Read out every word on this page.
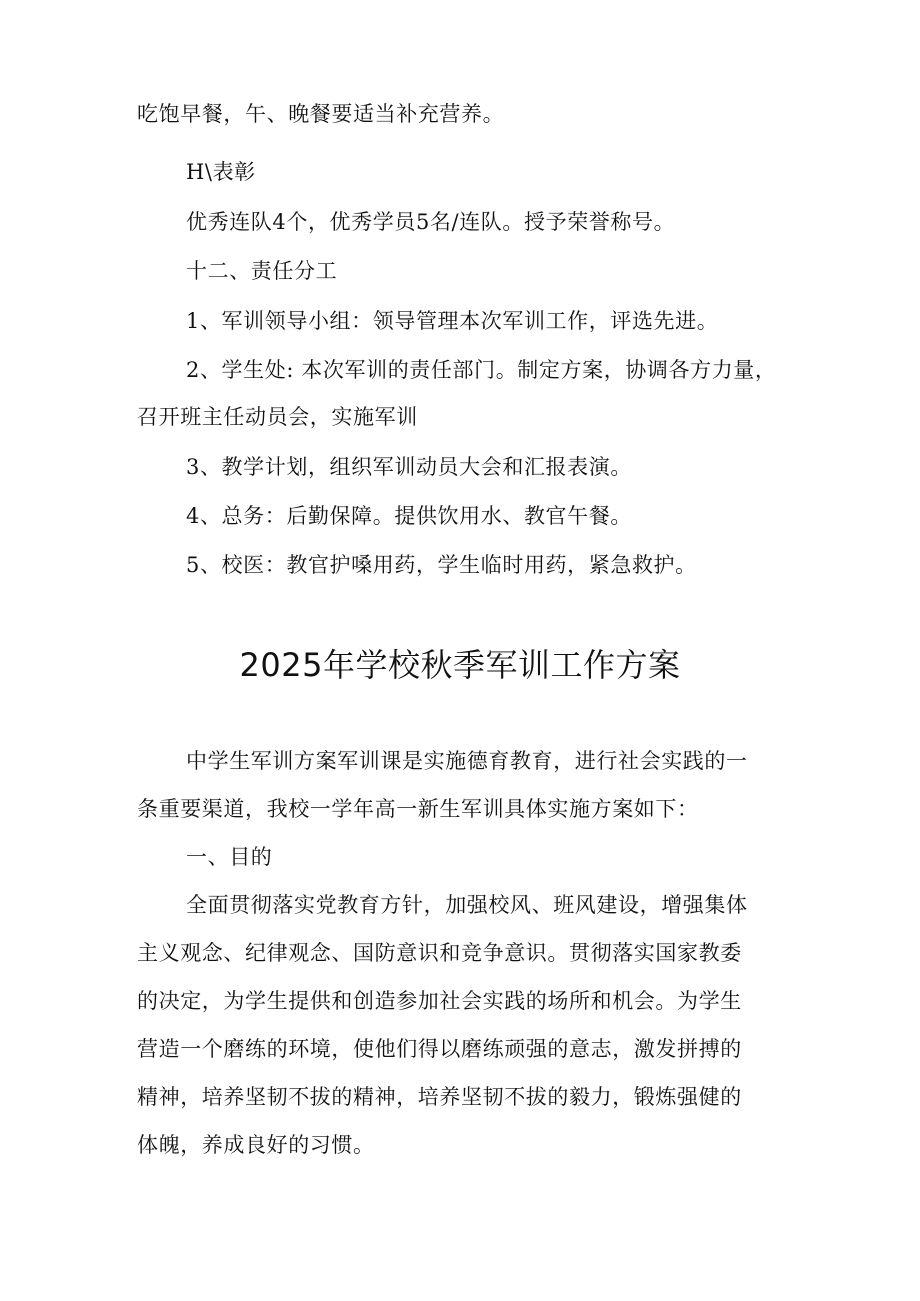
吃饱早餐，午、晚餐要适当补充营养。
H\表彰
优秀连队4个，优秀学员5名/连队。授予荣誉称号。
十二、责任分工
1、军训领导小组：领导管理本次军训工作，评选先进。
2、学生处: 本次军训的责任部门。制定方案，协调各方力量，
召开班主任动员会，实施军训
3、教学计划，组织军训动员大会和汇报表演。
4、总务：后勤保障。提供饮用水、教官午餐。
5、校医：教官护嗓用药，学生临时用药，紧急救护。
2025年学校秋季军训工作方案
中学生军训方案军训课是实施德育教育，进行社会实践的一
条重要渠道，我校一学年高一新生军训具体实施方案如下：
一、目的
全面贯彻落实党教育方针，加强校风、班风建设，增强集体
主义观念、纪律观念、国防意识和竞争意识。贯彻落实国家教委
的决定，为学生提供和创造参加社会实践的场所和机会。为学生
营造一个磨练的环境，使他们得以磨练顽强的意志，激发拼搏的
精神，培养坚韧不拔的精神，培养坚韧不拔的毅力，锻炼强健的
体魄，养成良好的习惯。
